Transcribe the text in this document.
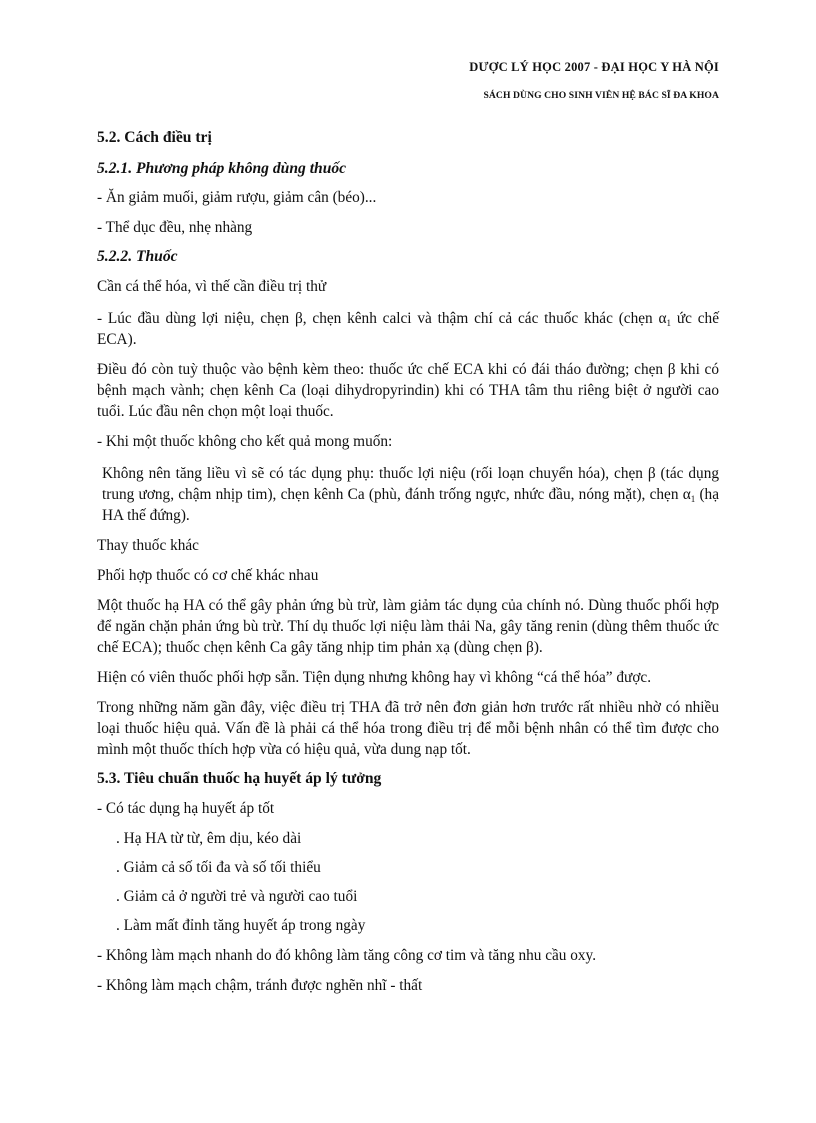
DƯỢC LÝ HỌC 2007 - ĐẠI HỌC Y HÀ NỘI
SÁCH DÙNG CHO SINH VIÊN HỆ BÁC SĨ ĐA KHOA

5.2. Cách điều trị

5.2.1. Phương pháp không dùng thuốc

- Ăn giảm muối, giảm rượu, giảm cân (béo)...

- Thể dục đều, nhẹ nhàng

5.2.2. Thuốc

Cần cá thể hóa, vì thế cần điều trị thử

- Lúc đầu dùng lợi niệu, chẹn β, chẹn kênh calci và thậm chí cả các thuốc khác (chẹn $\alpha_1$ ức chế ECA).

Điều đó còn tuỳ thuộc vào bệnh kèm theo: thuốc ức chế ECA khi có đái tháo đường; chẹn β khi có bệnh mạch vành; chẹn kênh Ca (loại dihydropyrindin) khi có THA tâm thu riêng biệt ở người cao tuổi. Lúc đầu nên chọn một loại thuốc.

- Khi một thuốc không cho kết quả mong muốn:

Không nên tăng liều vì sẽ có tác dụng phụ: thuốc lợi niệu (rối loạn chuyển hóa), chẹn β (tác dụng trung ương, chậm nhịp tim), chẹn kênh Ca (phù, đánh trống ngực, nhức đầu, nóng mặt), chẹn $\alpha_1$ (hạ HA thế đứng).

Thay thuốc khác

Phối hợp thuốc có cơ chế khác nhau

Một thuốc hạ HA có thể gây phản ứng bù trừ, làm giảm tác dụng của chính nó. Dùng thuốc phối hợp để ngăn chặn phản ứng bù trừ. Thí dụ thuốc lợi niệu làm thải Na, gây tăng renin (dùng thêm thuốc ức chế ECA); thuốc chẹn kênh Ca gây tăng nhịp tim phản xạ (dùng chẹn β).

Hiện có viên thuốc phối hợp sẵn. Tiện dụng nhưng không hay vì không “cá thể hóa” được.

Trong những năm gần đây, việc điều trị THA đã trở nên đơn giản hơn trước rất nhiều nhờ có nhiều loại thuốc hiệu quả. Vấn đề là phải cá thể hóa trong điều trị để mỗi bệnh nhân có thể tìm được cho mình một thuốc thích hợp vừa có hiệu quả, vừa dung nạp tốt.

5.3. Tiêu chuẩn thuốc hạ huyết áp lý tưởng

- Có tác dụng hạ huyết áp tốt

. Hạ HA từ từ, êm dịu, kéo dài

. Giảm cả số tối đa và số tối thiểu

. Giảm cả ở người trẻ và người cao tuổi

. Làm mất đỉnh tăng huyết áp trong ngày

- Không làm mạch nhanh do đó không làm tăng công cơ tim và tăng nhu cầu oxy.

- Không làm mạch chậm, tránh được nghẽn nhĩ - thất
